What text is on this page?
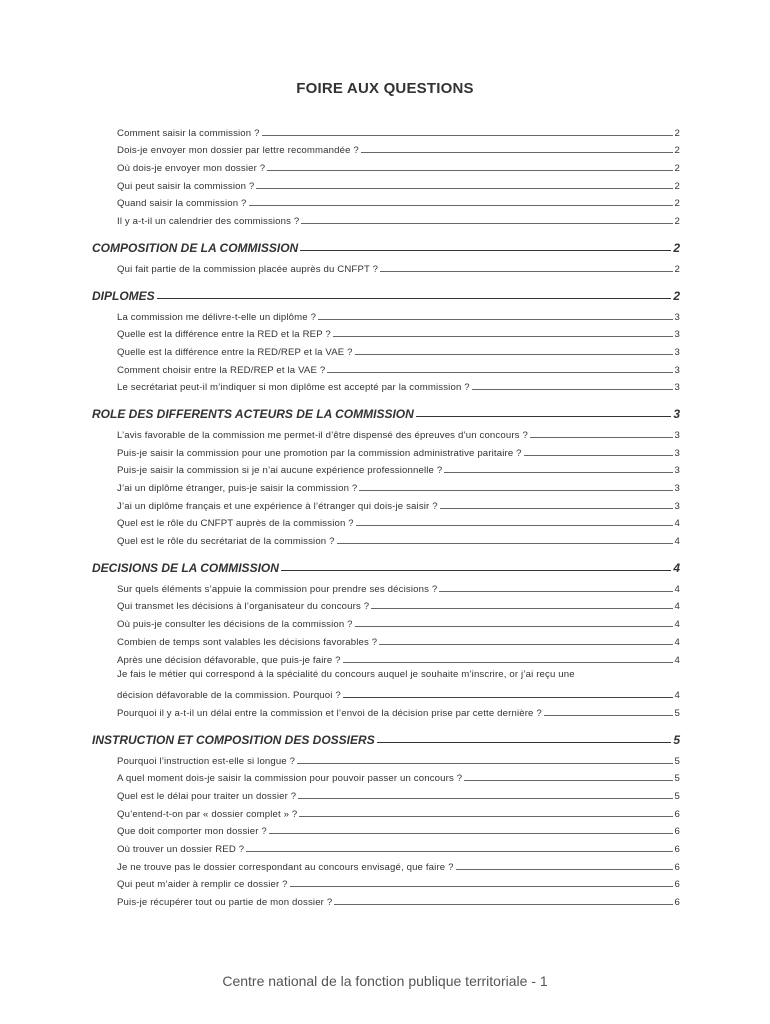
FOIRE AUX QUESTIONS
Comment saisir la commission ?	2
Dois-je envoyer mon dossier par lettre recommandée ?	2
Où dois-je envoyer mon dossier ?	2
Qui peut saisir la commission ?	2
Quand saisir la commission ?	2
Il y a-t-il un calendrier des commissions ?	2
COMPOSITION DE LA COMMISSION	2
Qui fait partie de la commission placée auprès du CNFPT ?	2
DIPLOMES	2
La commission me délivre-t-elle un diplôme ?	3
Quelle est la différence entre la RED et la REP ?	3
Quelle est la différence entre la RED/REP et la VAE ?	3
Comment choisir entre la RED/REP et la VAE ?	3
Le secrétariat peut-il m’indiquer si mon diplôme est accepté par la commission ?	3
ROLE DES DIFFERENTS ACTEURS DE LA COMMISSION	3
L’avis favorable de la commission me permet-il d’être dispensé des épreuves d’un concours ?	3
Puis-je saisir la commission pour une promotion par la commission administrative paritaire ?	3
Puis-je saisir la commission si je n’ai aucune expérience professionnelle ?	3
J’ai un diplôme étranger, puis-je saisir la commission ?	3
J’ai un diplôme français et une expérience à l’étranger qui dois-je saisir ?	3
Quel est le rôle du CNFPT auprès de la commission ?	4
Quel est le rôle du secrétariat de la commission ?	4
DECISIONS DE LA COMMISSION	4
Sur quels éléments s’appuie la commission pour prendre ses décisions ?	4
Qui transmet les décisions à l’organisateur du concours ?	4
Où puis-je consulter les décisions de la commission ?	4
Combien de temps sont valables les décisions favorables ?	4
Après une décision défavorable, que puis-je faire ?	4
Je fais le métier qui correspond à la spécialité du concours auquel je souhaite m’inscrire, or j’ai reçu une
décision défavorable de la commission. Pourquoi ?	4
Pourquoi il y a-t-il un délai entre la commission et l’envoi de la décision prise par cette dernière ?	5
INSTRUCTION ET COMPOSITION DES DOSSIERS	5
Pourquoi l’instruction est-elle si longue ?	5
A quel moment dois-je saisir la commission pour pouvoir passer un concours ?	5
Quel est le délai pour traiter un dossier ?	5
Qu’entend-t-on par « dossier complet » ?	6
Que doit comporter mon dossier ?	6
Où trouver un dossier RED ?	6
Je ne trouve pas le dossier correspondant au concours envisagé, que faire ?	6
Qui peut m’aider à remplir ce dossier ?	6
Puis-je récupérer tout ou partie de mon dossier ?	6
Centre national de la fonction publique territoriale - 1
